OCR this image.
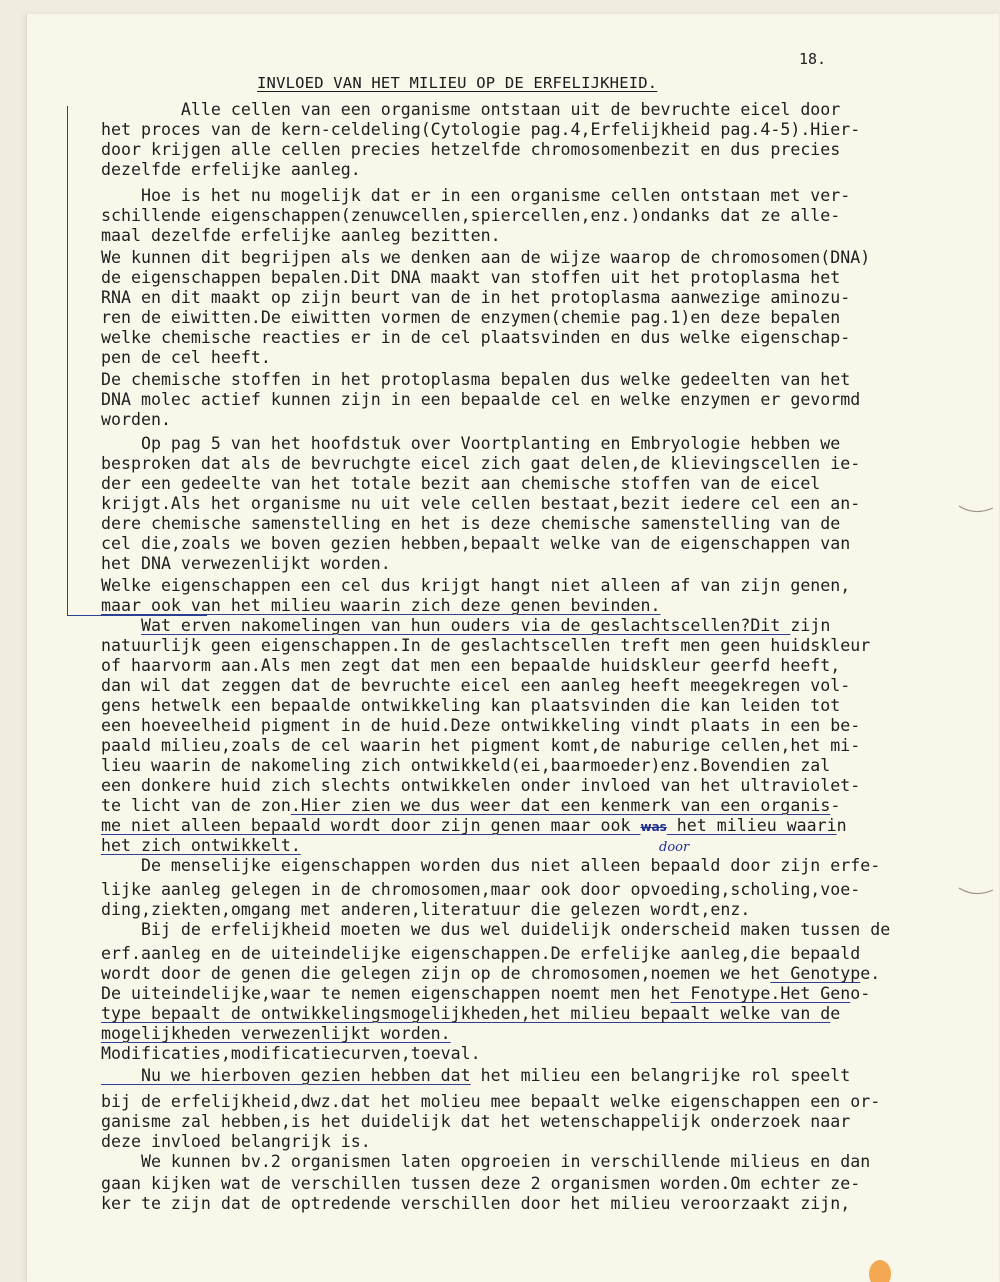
18.
INVLOED VAN HET MILIEU OP DE ERFELIJKHEID.
Alle cellen van een organisme ontstaan uit de bevruchte eicel door
het proces van de kern-celdeling(Cytologie pag.4,Erfelijkheid pag.4-5).Hier-
door krijgen alle cellen precies hetzelfde chromosomenbezit en dus precies
dezelfde erfelijke aanleg.
Hoe is het nu mogelijk dat er in een organisme cellen ontstaan met ver-
schillende eigenschappen(zenuwcellen,spiercellen,enz.)ondanks dat ze alle-
maal dezelfde erfelijke aanleg bezitten.
We kunnen dit begrijpen als we denken aan de wijze waarop de chromosomen(DNA)
de eigenschappen bepalen.Dit DNA maakt van stoffen uit het protoplasma het
RNA en dit maakt op zijn beurt van de in het protoplasma aanwezige aminozu-
ren de eiwitten.De eiwitten vormen de enzymen(chemie pag.1)en deze bepalen
welke chemische reacties er in de cel plaatsvinden en dus welke eigenschap-
pen de cel heeft.
De chemische stoffen in het protoplasma bepalen dus welke gedeelten van het
DNA molec actief kunnen zijn in een bepaalde cel en welke enzymen er gevormd
worden.
Op pag 5 van het hoofdstuk over Voortplanting en Embryologie hebben we
besproken dat als de bevruchgte eicel zich gaat delen,de klievingscellen ie-
der een gedeelte van het totale bezit aan chemische stoffen van de eicel
krijgt.Als het organisme nu uit vele cellen bestaat,bezit iedere cel een an-
dere chemische samenstelling en het is deze chemische samenstelling van de
cel die,zoals we boven gezien hebben,bepaalt welke van de eigenschappen van
het DNA verwezenlijkt worden.
Welke eigenschappen een cel dus krijgt hangt niet alleen af van zijn genen,
maar ook van het milieu waarin zich deze genen bevinden.
Wat erven nakomelingen van hun ouders via de geslachtscellen?Dit zijn
natuurlijk geen eigenschappen.In de geslachtscellen treft men geen huidskleur
of haarvorm aan.Als men zegt dat men een bepaalde huidskleur geerfd heeft,
dan wil dat zeggen dat de bevruchte eicel een aanleg heeft meegekregen vol-
gens hetwelk een bepaalde ontwikkeling kan plaatsvinden die kan leiden tot
een hoeveelheid pigment in de huid.Deze ontwikkeling vindt plaats in een be-
paald milieu,zoals de cel waarin het pigment komt,de naburige cellen,het mi-
lieu waarin de nakomeling zich ontwikkeld(ei,baarmoeder)enz.Bovendien zal
een donkere huid zich slechts ontwikkelen onder invloed van het ultraviolet-
te licht van de zon.Hier zien we dus weer dat een kenmerk van een organis-
me niet alleen bepaald wordt door zijn genen maar ook was het milieu waarin
het zich ontwikkelt.
De menselijke eigenschappen worden dus niet alleen bepaald door zijn erfe-
lijke aanleg gelegen in de chromosomen,maar ook door opvoeding,scholing,voe-
ding,ziekten,omgang met anderen,literatuur die gelezen wordt,enz.
Bij de erfelijkheid moeten we dus wel duidelijk onderscheid maken tussen de
erf.aanleg en de uiteindelijke eigenschappen.De erfelijke aanleg,die bepaald
wordt door de genen die gelegen zijn op de chromosomen,noemen we het Genotype.
De uiteindelijke,waar te nemen eigenschappen noemt men het Fenotype.Het Geno-
type bepaalt de ontwikkelingsmogelijkheden,het milieu bepaalt welke van de
mogelijkheden verwezenlijkt worden.
Modificaties,modificatiecurven,toeval.
Nu we hierboven gezien hebben dat het milieu een belangrijke rol speelt
bij de erfelijkheid,dwz.dat het molieu mee bepaalt welke eigenschappen een or-
ganisme zal hebben,is het duidelijk dat het wetenschappelijk onderzoek naar
deze invloed belangrijk is.
We kunnen bv.2 organismen laten opgroeien in verschillende milieus en dan
gaan kijken wat de verschillen tussen deze 2 organismen worden.Om echter ze-
ker te zijn dat de optredende verschillen door het milieu veroorzaakt zijn,
door
